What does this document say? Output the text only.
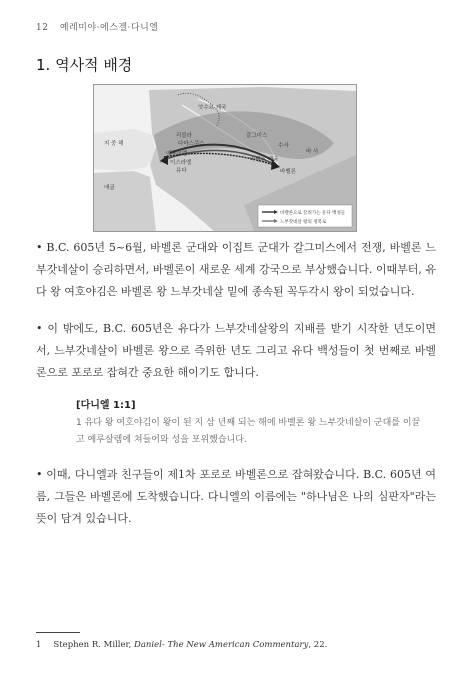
12 예레미야·에스겔·다니엘
1. 역사적 배경
앗수르 제국
갈그미스
리블라
다마스쿠스
예루살렘
이스라엘
유다
바벨론 제국
수사
바벨론
바 사
지 중 해
애굽
바벨론으로 끌려가는 유다 백성들
느부갓네살 왕의 정복로

• B.C. 605년 5~6월, 바벨론 군대와 이집트 군대가 갈그미스에서 전쟁, 바벨론 느부갓네살이 승리하면서, 바벨론이 새로운 세계 강국으로 부상했습니다. 이때부터, 유다 왕 여호야김은 바벨론 왕 느부갓네살 밑에 종속된 꼭두각시 왕이 되었습니다.

• 이 밖에도, B.C. 605년은 유다가 느부갓네살왕의 지배를 받기 시작한 년도이면서, 느부갓네살이 바벨론 왕으로 즉위한 년도 그리고 유다 백성들이 첫 번째로 바벨론으로 포로로 잡혀간 중요한 해이기도 합니다.

[다니엘 1:1]

1 유다 왕 여호야김이 왕이 된 지 삼 년째 되는 해에 바벨론 왕 느부갓네살이 군대를 이끌고 예루살렘에 쳐들어와 성을 포위했습니다.

• 이때, 다니엘과 친구들이 제1차 포로로 바벨론으로 잡혀왔습니다. B.C. 605년 여름, 그들은 바벨론에 도착했습니다. 다니엘의 이름에는 "하나님은 나의 심판자"라는 뜻이 담겨 있습니다.

1 Stephen R. Miller, Daniel- The New American Commentary, 22.
